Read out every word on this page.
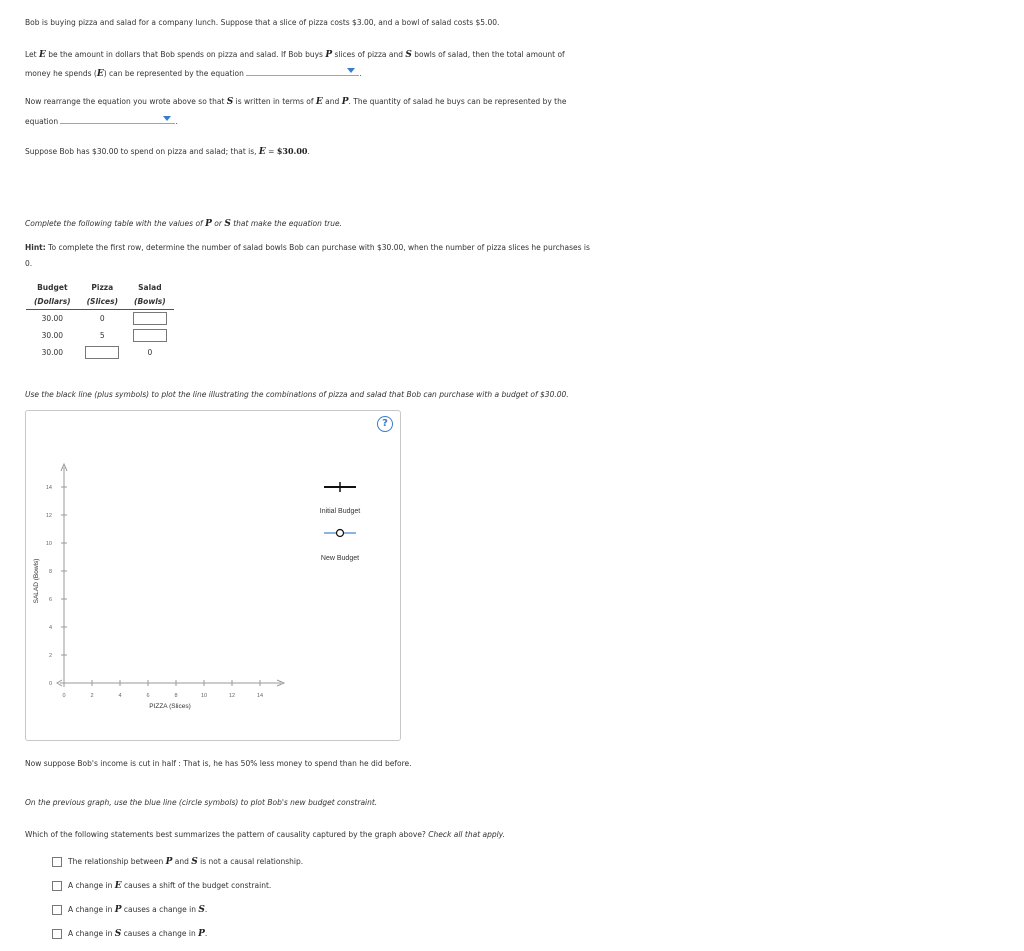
Bob is buying pizza and salad for a company lunch. Suppose that a slice of pizza costs $3.00, and a bowl of salad costs $5.00.
Let E be the amount in dollars that Bob spends on pizza and salad. If Bob buys P slices of pizza and S bowls of salad, then the total amount of
money he spends (E) can be represented by the equation	.
Now rearrange the equation you wrote above so that S is written in terms of E and P. The quantity of salad he buys can be represented by the
equation	.
Suppose Bob has $30.00 to spend on pizza and salad; that is, E = $30.00.
Complete the following table with the values of P or S that make the equation true.
Hint: To complete the first row, determine the number of salad bowls Bob can purchase with $30.00, when the number of pizza slices he purchases is
0.
Budget	Pizza	Salad
(Dollars)	(Slices)	(Bowls)
30.00	0	
30.00	5	
30.00		0
Use the black line (plus symbols) to plot the line illustrating the combinations of pizza and salad that Bob can purchase with a budget of $30.00.
?
0
2
4
6
8
10
12
14
0	2	4	6	8	10	12	14
SALAD (Bowls)
PIZZA (Slices)
Initial Budget
New Budget
Now suppose Bob's income is cut in half : That is, he has 50% less money to spend than he did before.
On the previous graph, use the blue line (circle symbols) to plot Bob's new budget constraint.
Which of the following statements best summarizes the pattern of causality captured by the graph above? Check all that apply.
The relationship between P and S is not a causal relationship.
A change in E causes a shift of the budget constraint.
A change in P causes a change in S.
A change in S causes a change in P.
